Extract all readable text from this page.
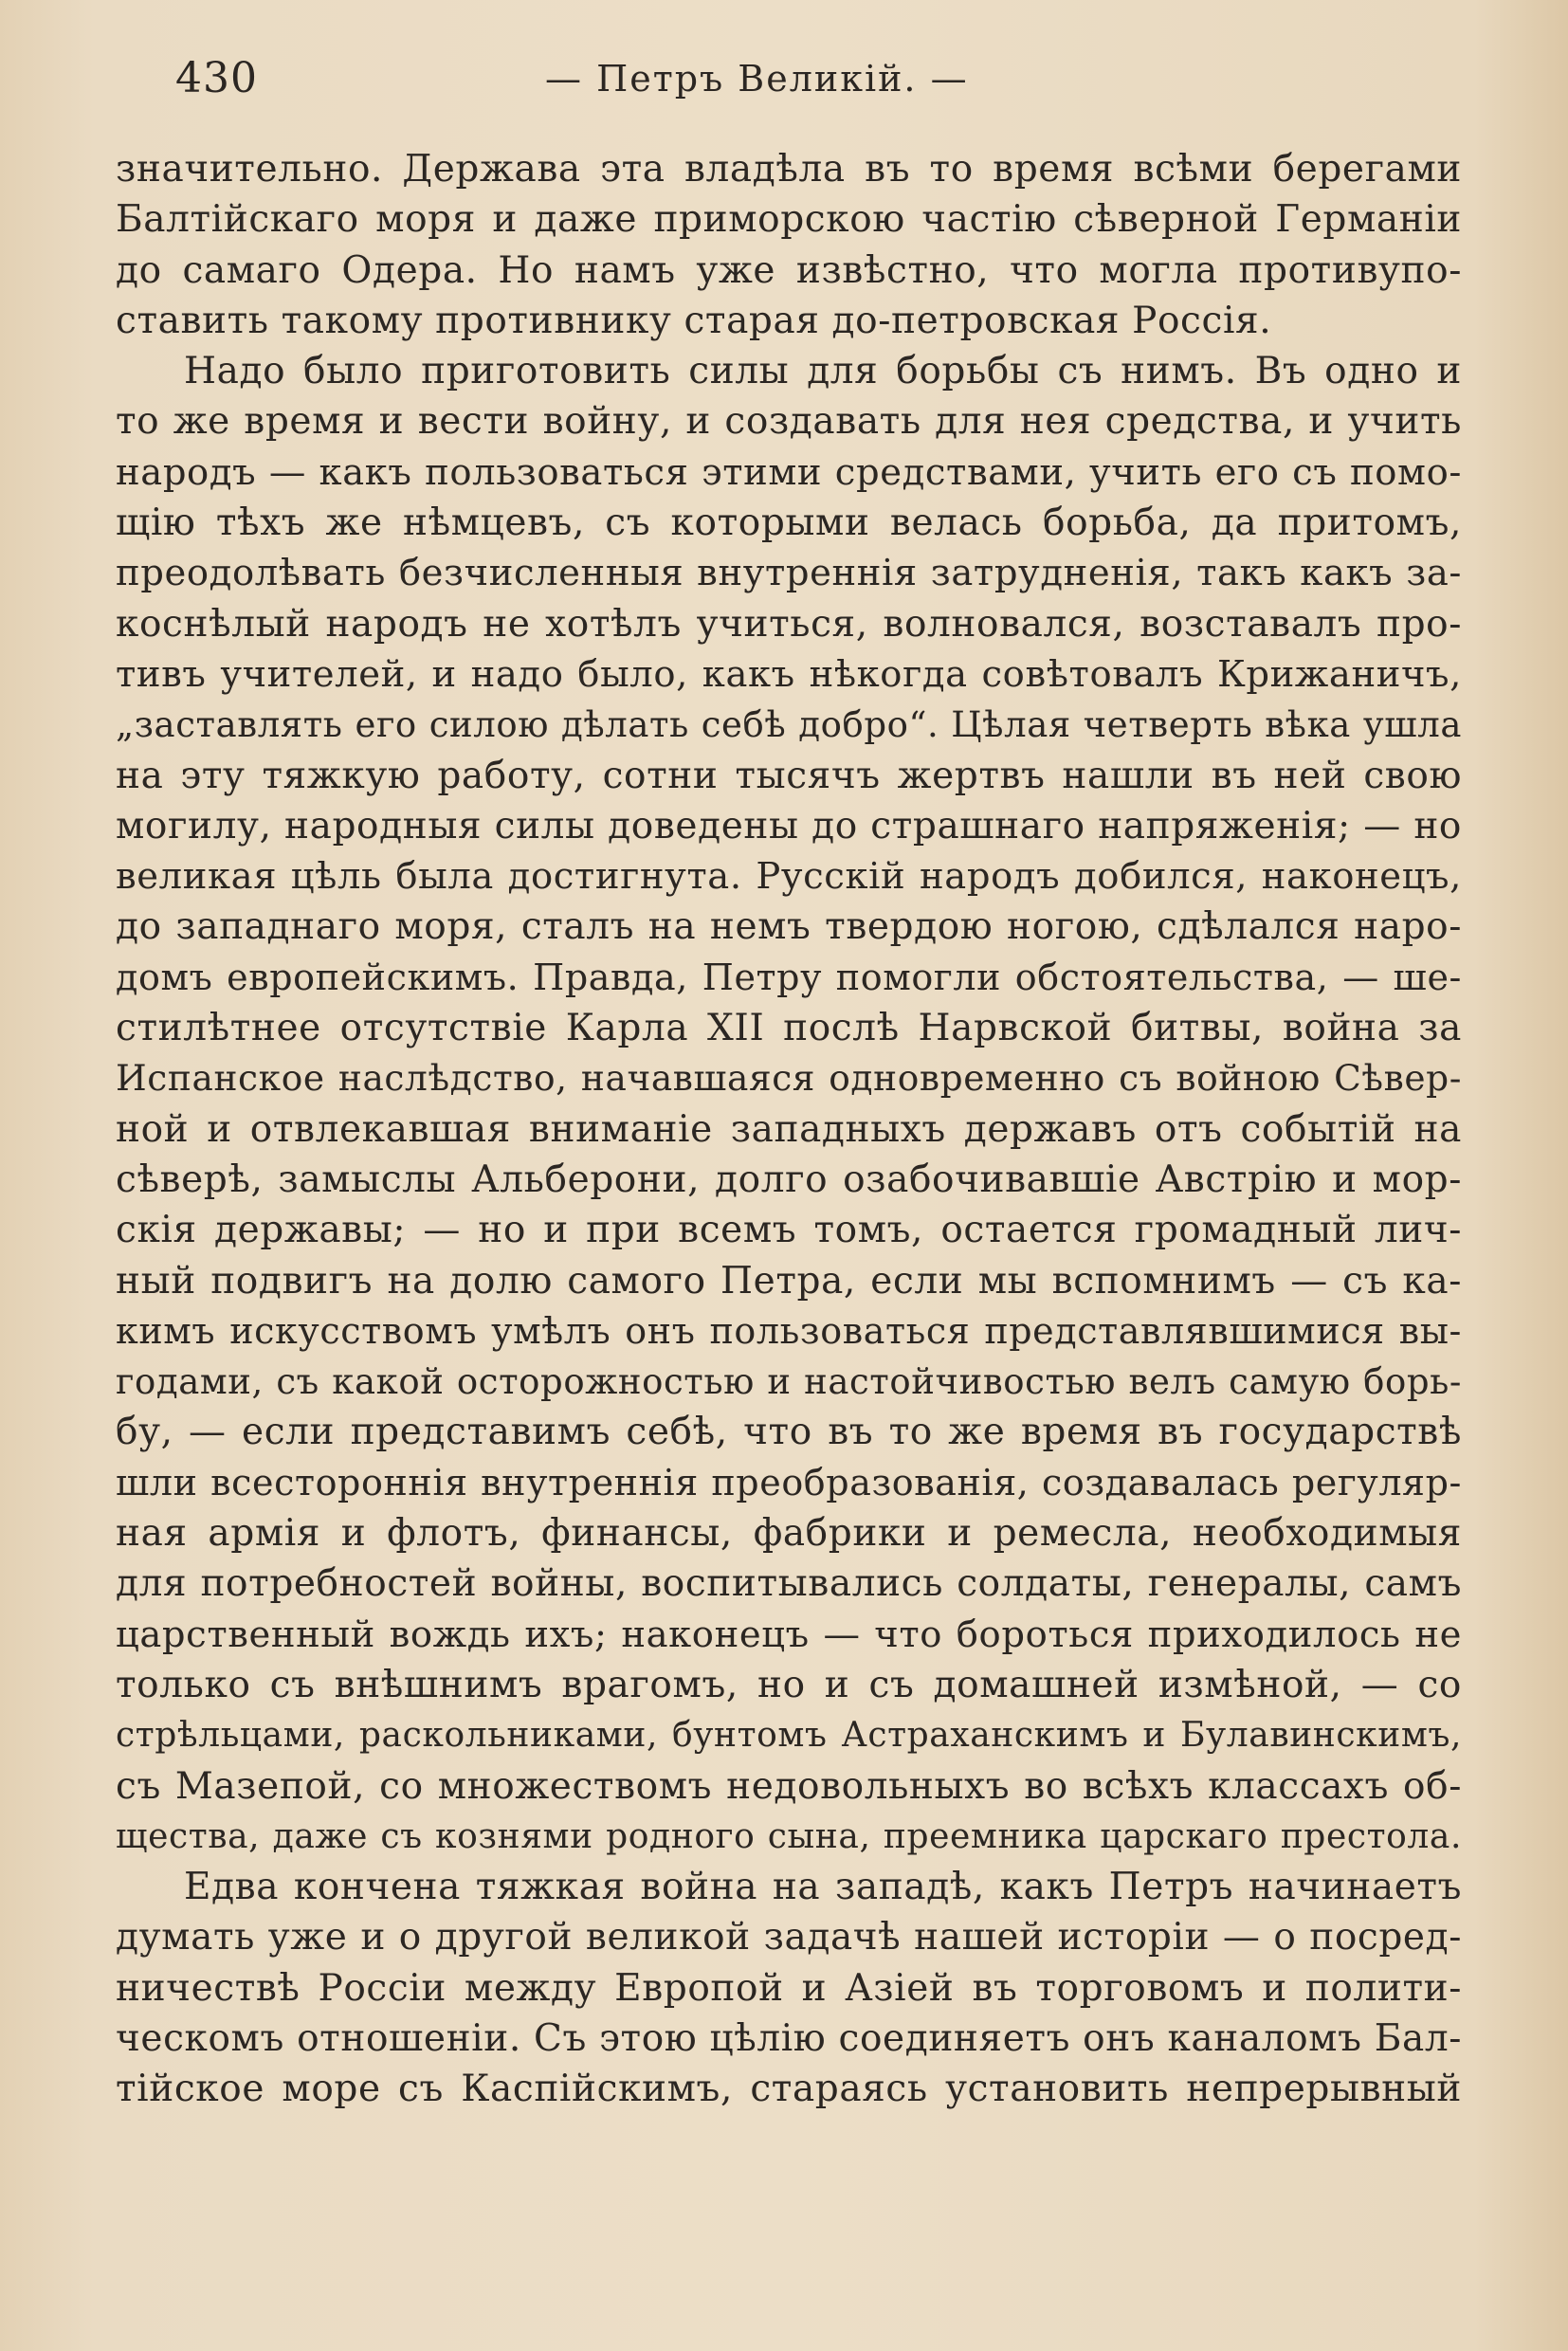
430	— Петръ Великій. —
значительно. Держава эта владѣла въ то время всѣми берегами
Балтійскаго моря и даже приморскою частію сѣверной Германіи
до самаго Одера. Но намъ уже извѣстно, что могла противупо-
ставить такому противнику старая до-петровская Россія.
Надо было приготовить силы для борьбы съ нимъ. Въ одно и
то же время и вести войну, и создавать для нея средства, и учить
народъ — какъ пользоваться этими средствами, учить его съ помо-
щію тѣхъ же нѣмцевъ, съ которыми велась борьба, да притомъ,
преодолѣвать безчисленныя внутреннія затрудненія, такъ какъ за-
коснѣлый народъ не хотѣлъ учиться, волновался, возставалъ про-
тивъ учителей, и надо было, какъ нѣкогда совѣтовалъ Крижаничъ,
„заставлять его силою дѣлать себѣ добро“. Цѣлая четверть вѣка ушла
на эту тяжкую работу, сотни тысячъ жертвъ нашли въ ней свою
могилу, народныя силы доведены до страшнаго напряженія; — но
великая цѣль была достигнута. Русскій народъ добился, наконецъ,
до западнаго моря, сталъ на немъ твердою ногою, сдѣлался наро-
домъ европейскимъ. Правда, Петру помогли обстоятельства, — ше-
стилѣтнее отсутствіе Карла XII послѣ Нарвской битвы, война за
Испанское наслѣдство, начавшаяся одновременно съ войною Сѣвер-
ной и отвлекавшая вниманіе западныхъ державъ отъ событій на
сѣверѣ, замыслы Альберони, долго озабочивавшіе Австрію и мор-
скія державы; — но и при всемъ томъ, остается громадный лич-
ный подвигъ на долю самого Петра, если мы вспомнимъ — съ ка-
кимъ искусствомъ умѣлъ онъ пользоваться представлявшимися вы-
годами, съ какой осторожностью и настойчивостью велъ самую борь-
бу, — если представимъ себѣ, что въ то же время въ государствѣ
шли всестороннія внутреннія преобразованія, создавалась регуляр-
ная армія и флотъ, финансы, фабрики и ремесла, необходимыя
для потребностей войны, воспитывались солдаты, генералы, самъ
царственный вождь ихъ; наконецъ — что бороться приходилось не
только съ внѣшнимъ врагомъ, но и съ домашней измѣной, — со
стрѣльцами, раскольниками, бунтомъ Астраханскимъ и Булавинскимъ,
съ Мазепой, со множествомъ недовольныхъ во всѣхъ классахъ об-
щества, даже съ кознями родного сына, преемника царскаго престола.
Едва кончена тяжкая война на западѣ, какъ Петръ начинаетъ
думать уже и о другой великой задачѣ нашей исторіи — о посред-
ничествѣ Россіи между Европой и Азіей въ торговомъ и полити-
ческомъ отношеніи. Съ этою цѣлію соединяетъ онъ каналомъ Бал-
тійское море съ Каспійскимъ, стараясь установить непрерывный
